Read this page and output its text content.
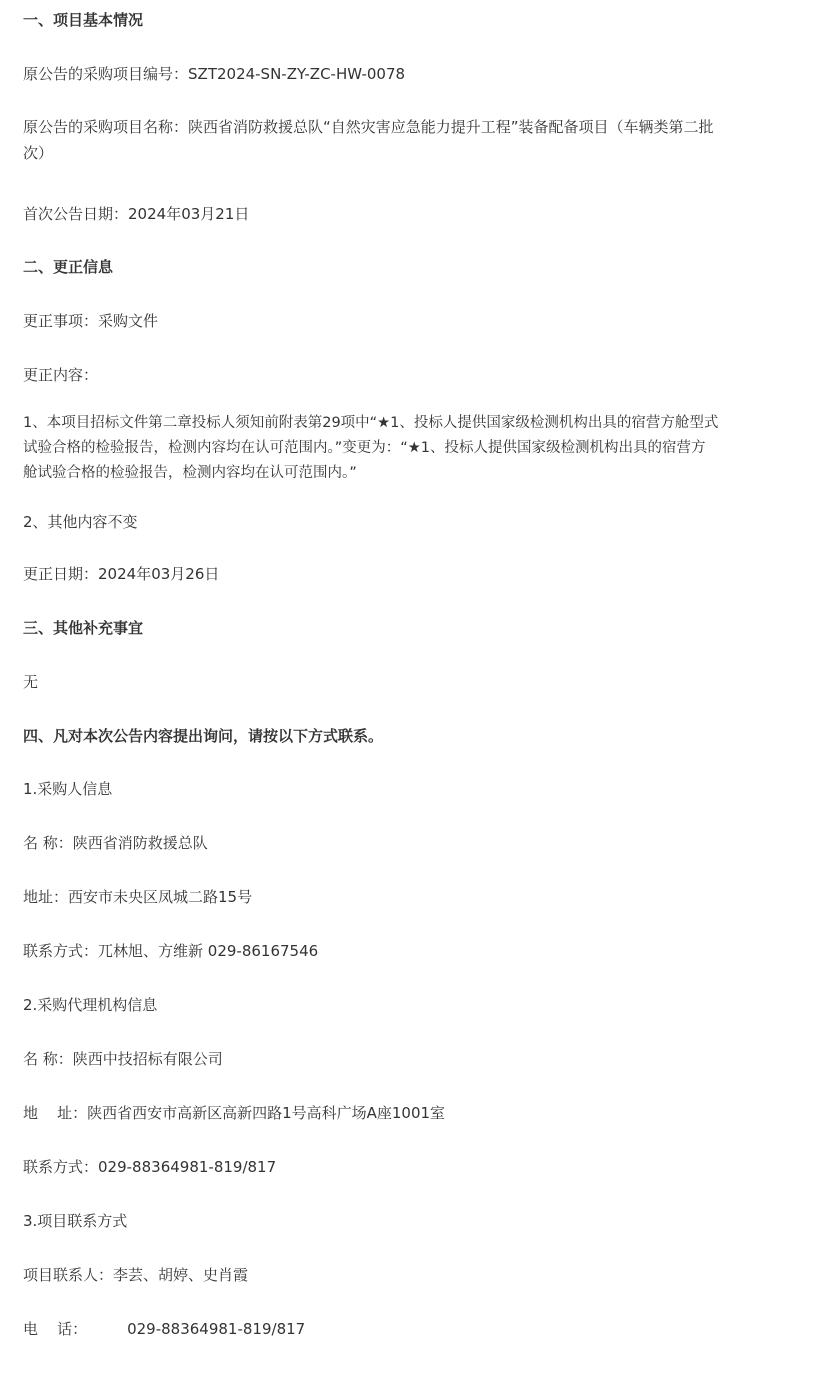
一、项目基本情况
原公告的采购项目编号：SZT2024-SN-ZY-ZC-HW-0078
原公告的采购项目名称：陕西省消防救援总队“自然灾害应急能力提升工程”装备配备项目（车辆类第二批
次）
首次公告日期：2024年03月21日
二、更正信息
更正事项：采购文件
更正内容：
1、本项目招标文件第二章投标人须知前附表第29项中“★1、投标人提供国家级检测机构出具的宿营方舱型式
试验合格的检验报告，检测内容均在认可范围内。”变更为：“★1、投标人提供国家级检测机构出具的宿营方
舱试验合格的检验报告，检测内容均在认可范围内。”
2、其他内容不变
更正日期：2024年03月26日
三、其他补充事宜
无
四、凡对本次公告内容提出询问，请按以下方式联系。
1.采购人信息
名 称：陕西省消防救援总队
地址：西安市未央区凤城二路15号
联系方式：兀林旭、方维新 029-86167546
2.采购代理机构信息
名 称：陕西中技招标有限公司
地    址：陕西省西安市高新区高新四路1号高科广场A座1001室
联系方式：029-88364981-819/817
3.项目联系方式
项目联系人：李芸、胡婷、史肖霞
电    话：	029-88364981-819/817
